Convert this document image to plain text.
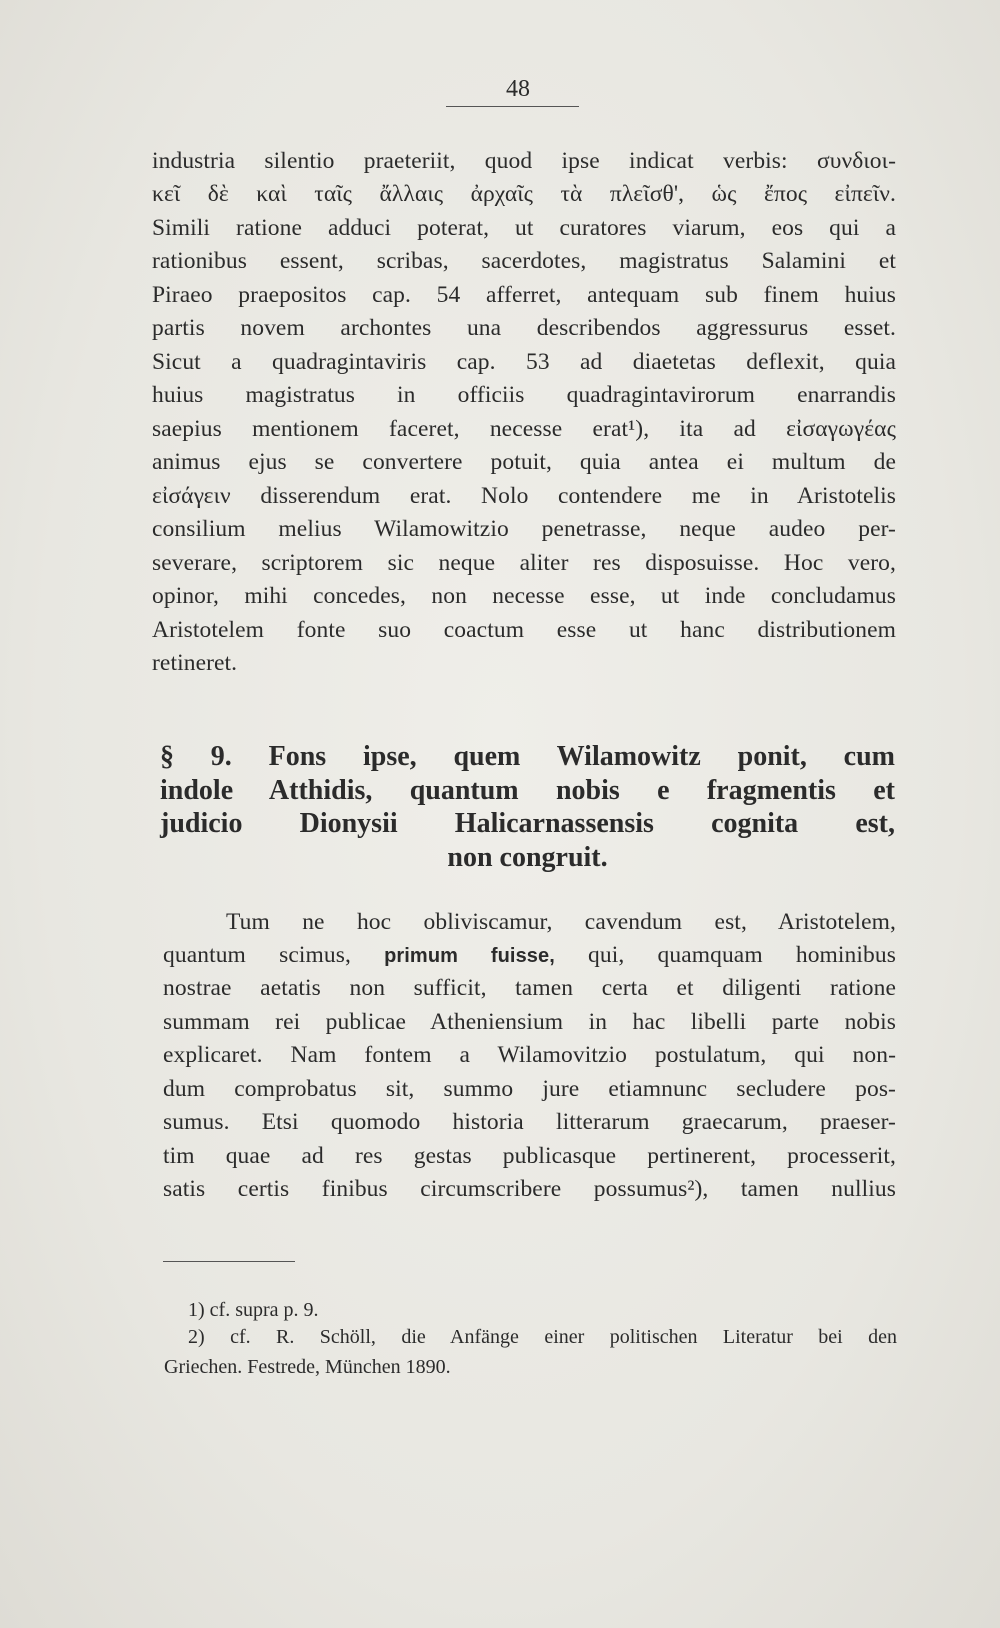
48
industria silentio praeteriit, quod ipse indicat verbis: συνδιοι-
κεῖ δὲ καὶ ταῖς ἄλλαις ἀρχαῖς τὰ πλεῖσθ', ὡς ἔπος εἰπεῖν.
Simili ratione adduci poterat, ut curatores viarum, eos qui a
rationibus essent, scribas, sacerdotes, magistratus Salamini et
Piraeo praepositos cap. 54 afferret, antequam sub finem huius
partis novem archontes una describendos aggressurus esset.
Sicut a quadragintaviris cap. 53 ad diaetetas deflexit, quia
huius magistratus in officiis quadragintavirorum enarrandis
saepius mentionem faceret, necesse erat¹), ita ad εἰσαγωγέας
animus ejus se convertere potuit, quia antea ei multum de
εἰσάγειν disserendum erat. Nolo contendere me in Aristotelis
consilium melius Wilamowitzio penetrasse, neque audeo per-
severare, scriptorem sic neque aliter res disposuisse. Hoc vero,
opinor, mihi concedes, non necesse esse, ut inde concludamus
Aristotelem fonte suo coactum esse ut hanc distributionem
retineret.
§ 9. Fons ipse, quem Wilamowitz ponit, cum
indole Atthidis, quantum nobis e fragmentis et
judicio Dionysii Halicarnassensis cognita est,
non congruit.
Tum ne hoc obliviscamur, cavendum est, Aristotelem,
quantum scimus, primum fuisse, qui, quamquam hominibus
nostrae aetatis non sufficit, tamen certa et diligenti ratione
summam rei publicae Atheniensium in hac libelli parte nobis
explicaret. Nam fontem a Wilamovitzio postulatum, qui non-
dum comprobatus sit, summo jure etiamnunc secludere pos-
sumus. Etsi quomodo historia litterarum graecarum, praeser-
tim quae ad res gestas publicasque pertinerent, processerit,
satis certis finibus circumscribere possumus²), tamen nullius
1) cf. supra p. 9.
2) cf. R. Schöll, die Anfänge einer politischen Literatur bei den
Griechen. Festrede, München 1890.
